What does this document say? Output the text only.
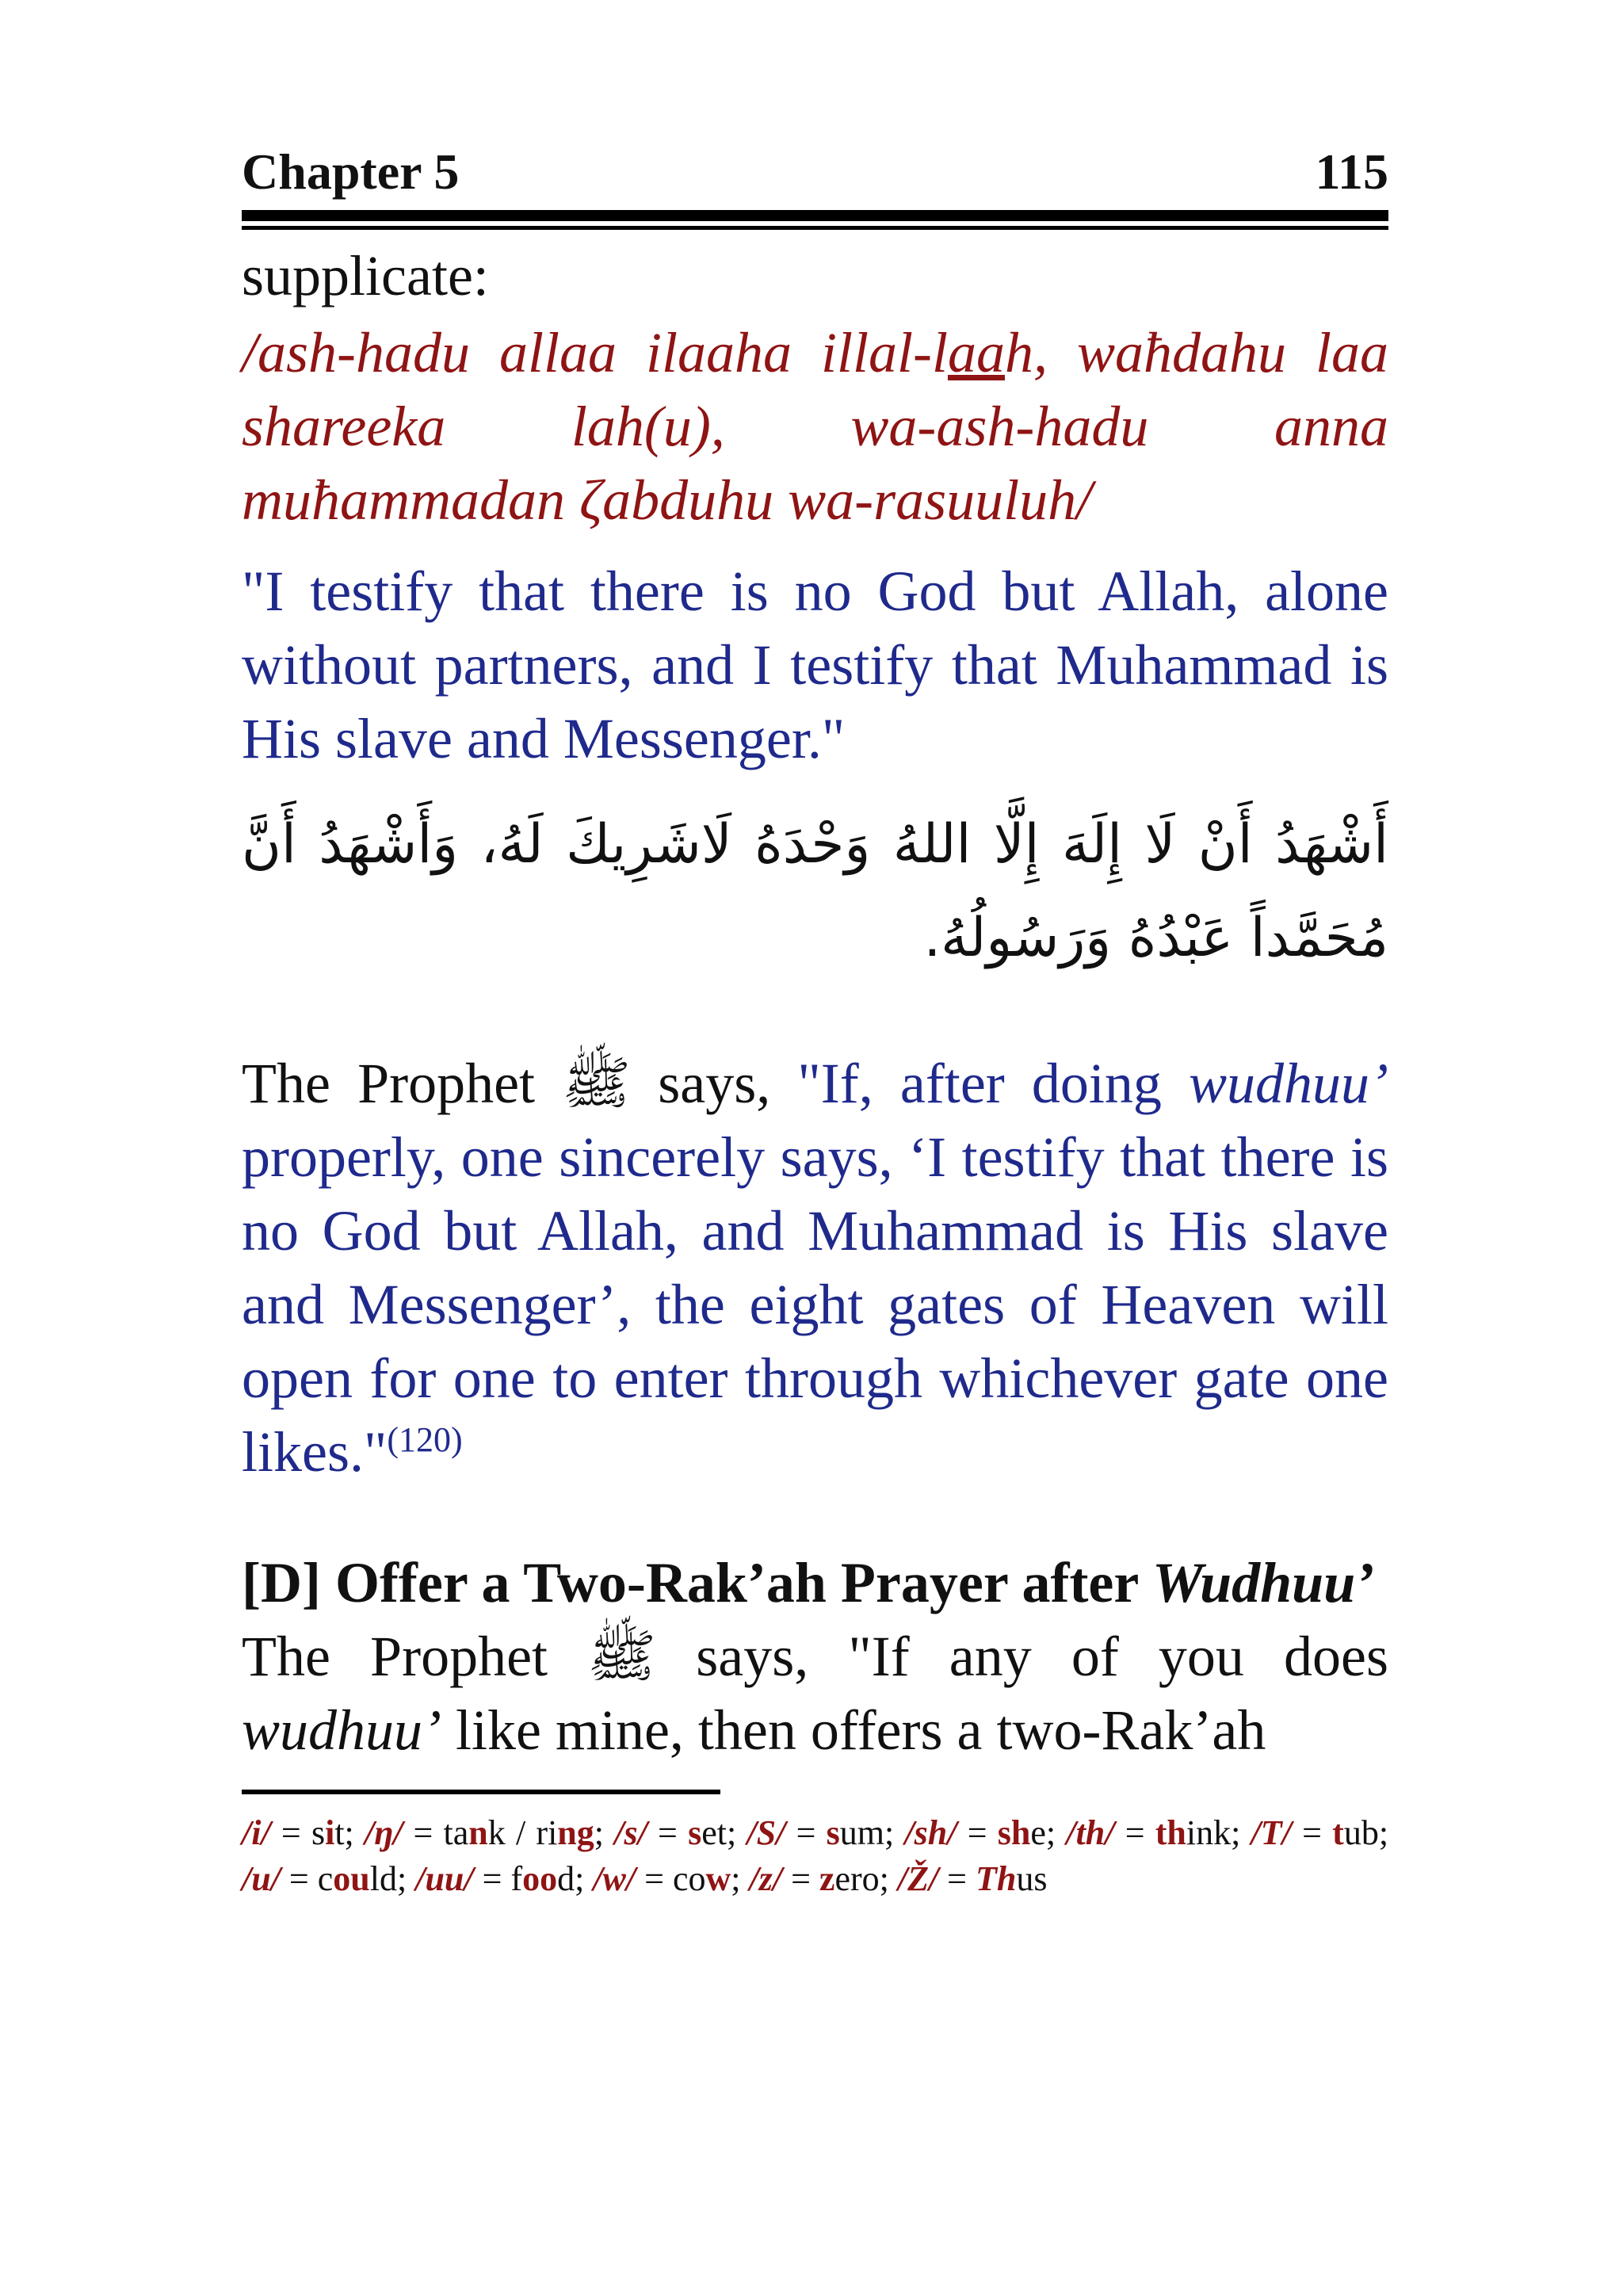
Chapter 5	115

supplicate:

/ash-hadu allaa ilaaha illal-laah, waħdahu laa shareeka lah(u), wa-ash-hadu anna muħammadan ζabduhu wa-rasuuluh/

"I testify that there is no God but Allah, alone without partners, and I testify that Muhammad is His slave and Messenger."

أَشْهَدُ أَنْ لَا إِلَهَ إِلَّا اللهُ وَحْدَهُ لَاشَرِيكَ لَهُ، وَأَشْهَدُ أَنَّ مُحَمَّداً عَبْدُهُ وَرَسُولُهُ.

The Prophet ﷺ says, "If, after doing wudhuu’ properly, one sincerely says, ‘I testify that there is no God but Allah, and Muhammad is His slave and Messenger’, the eight gates of Heaven will open for one to enter through whichever gate one likes."$^{(120)}$

[D] Offer a Two-Rak’ah Prayer after Wudhuu’

The Prophet ﷺ says, "If any of you does wudhuu’ like mine, then offers a two-Rak’ah

/i/ = sit; /ŋ/ = tank / ring; /s/ = set; /S/ = sum; /sh/ = she; /th/ = think; /T/ = tub; /u/ = could; /uu/ = food; /w/ = cow; /z/ = zero; /Ž/ = Thus
